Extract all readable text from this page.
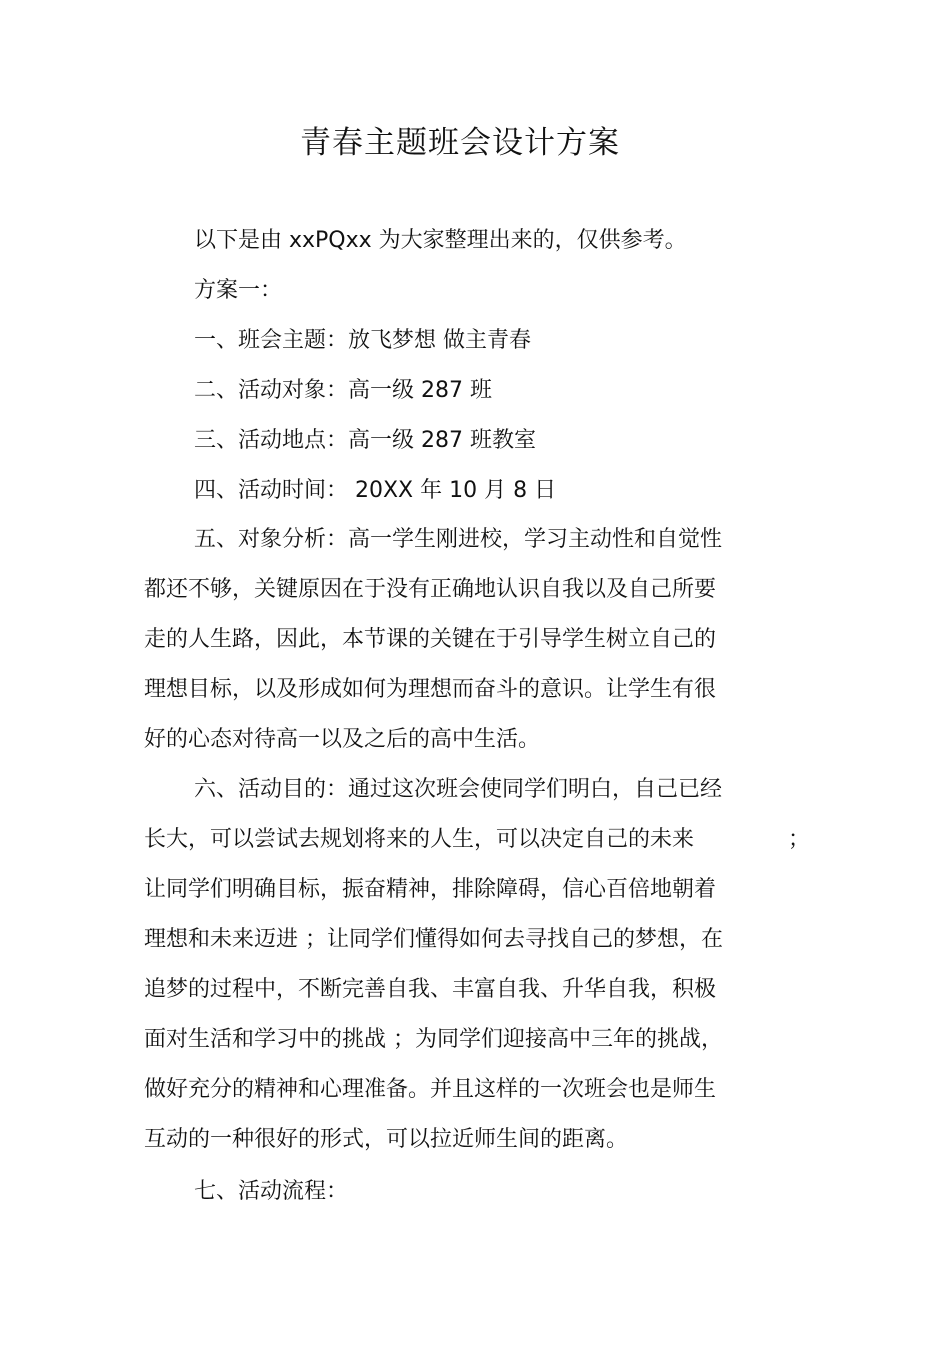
青春主题班会设计方案
以下是由 xxPQxx 为大家整理出来的，仅供参考。
方案一：
一、班会主题：放飞梦想 做主青春
二、活动对象：高一级 287 班
三、活动地点：高一级 287 班教室
四、活动时间： 20XX 年 10 月 8 日
五、对象分析：高一学生刚进校，学习主动性和自觉性
都还不够，关键原因在于没有正确地认识自我以及自己所要
走的人生路，因此，本节课的关键在于引导学生树立自己的
理想目标，以及形成如何为理想而奋斗的意识。让学生有很
好的心态对待高一以及之后的高中生活。
六、活动目的：通过这次班会使同学们明白，自己已经
长大，可以尝试去规划将来的人生，可以决定自己的未来	；
让同学们明确目标，振奋精神，排除障碍，信心百倍地朝着
理想和未来迈进 ；让同学们懂得如何去寻找自己的梦想，在
追梦的过程中，不断完善自我、丰富自我、升华自我，积极
面对生活和学习中的挑战 ；为同学们迎接高中三年的挑战，
做好充分的精神和心理准备。并且这样的一次班会也是师生
互动的一种很好的形式，可以拉近师生间的距离。
七、活动流程：
